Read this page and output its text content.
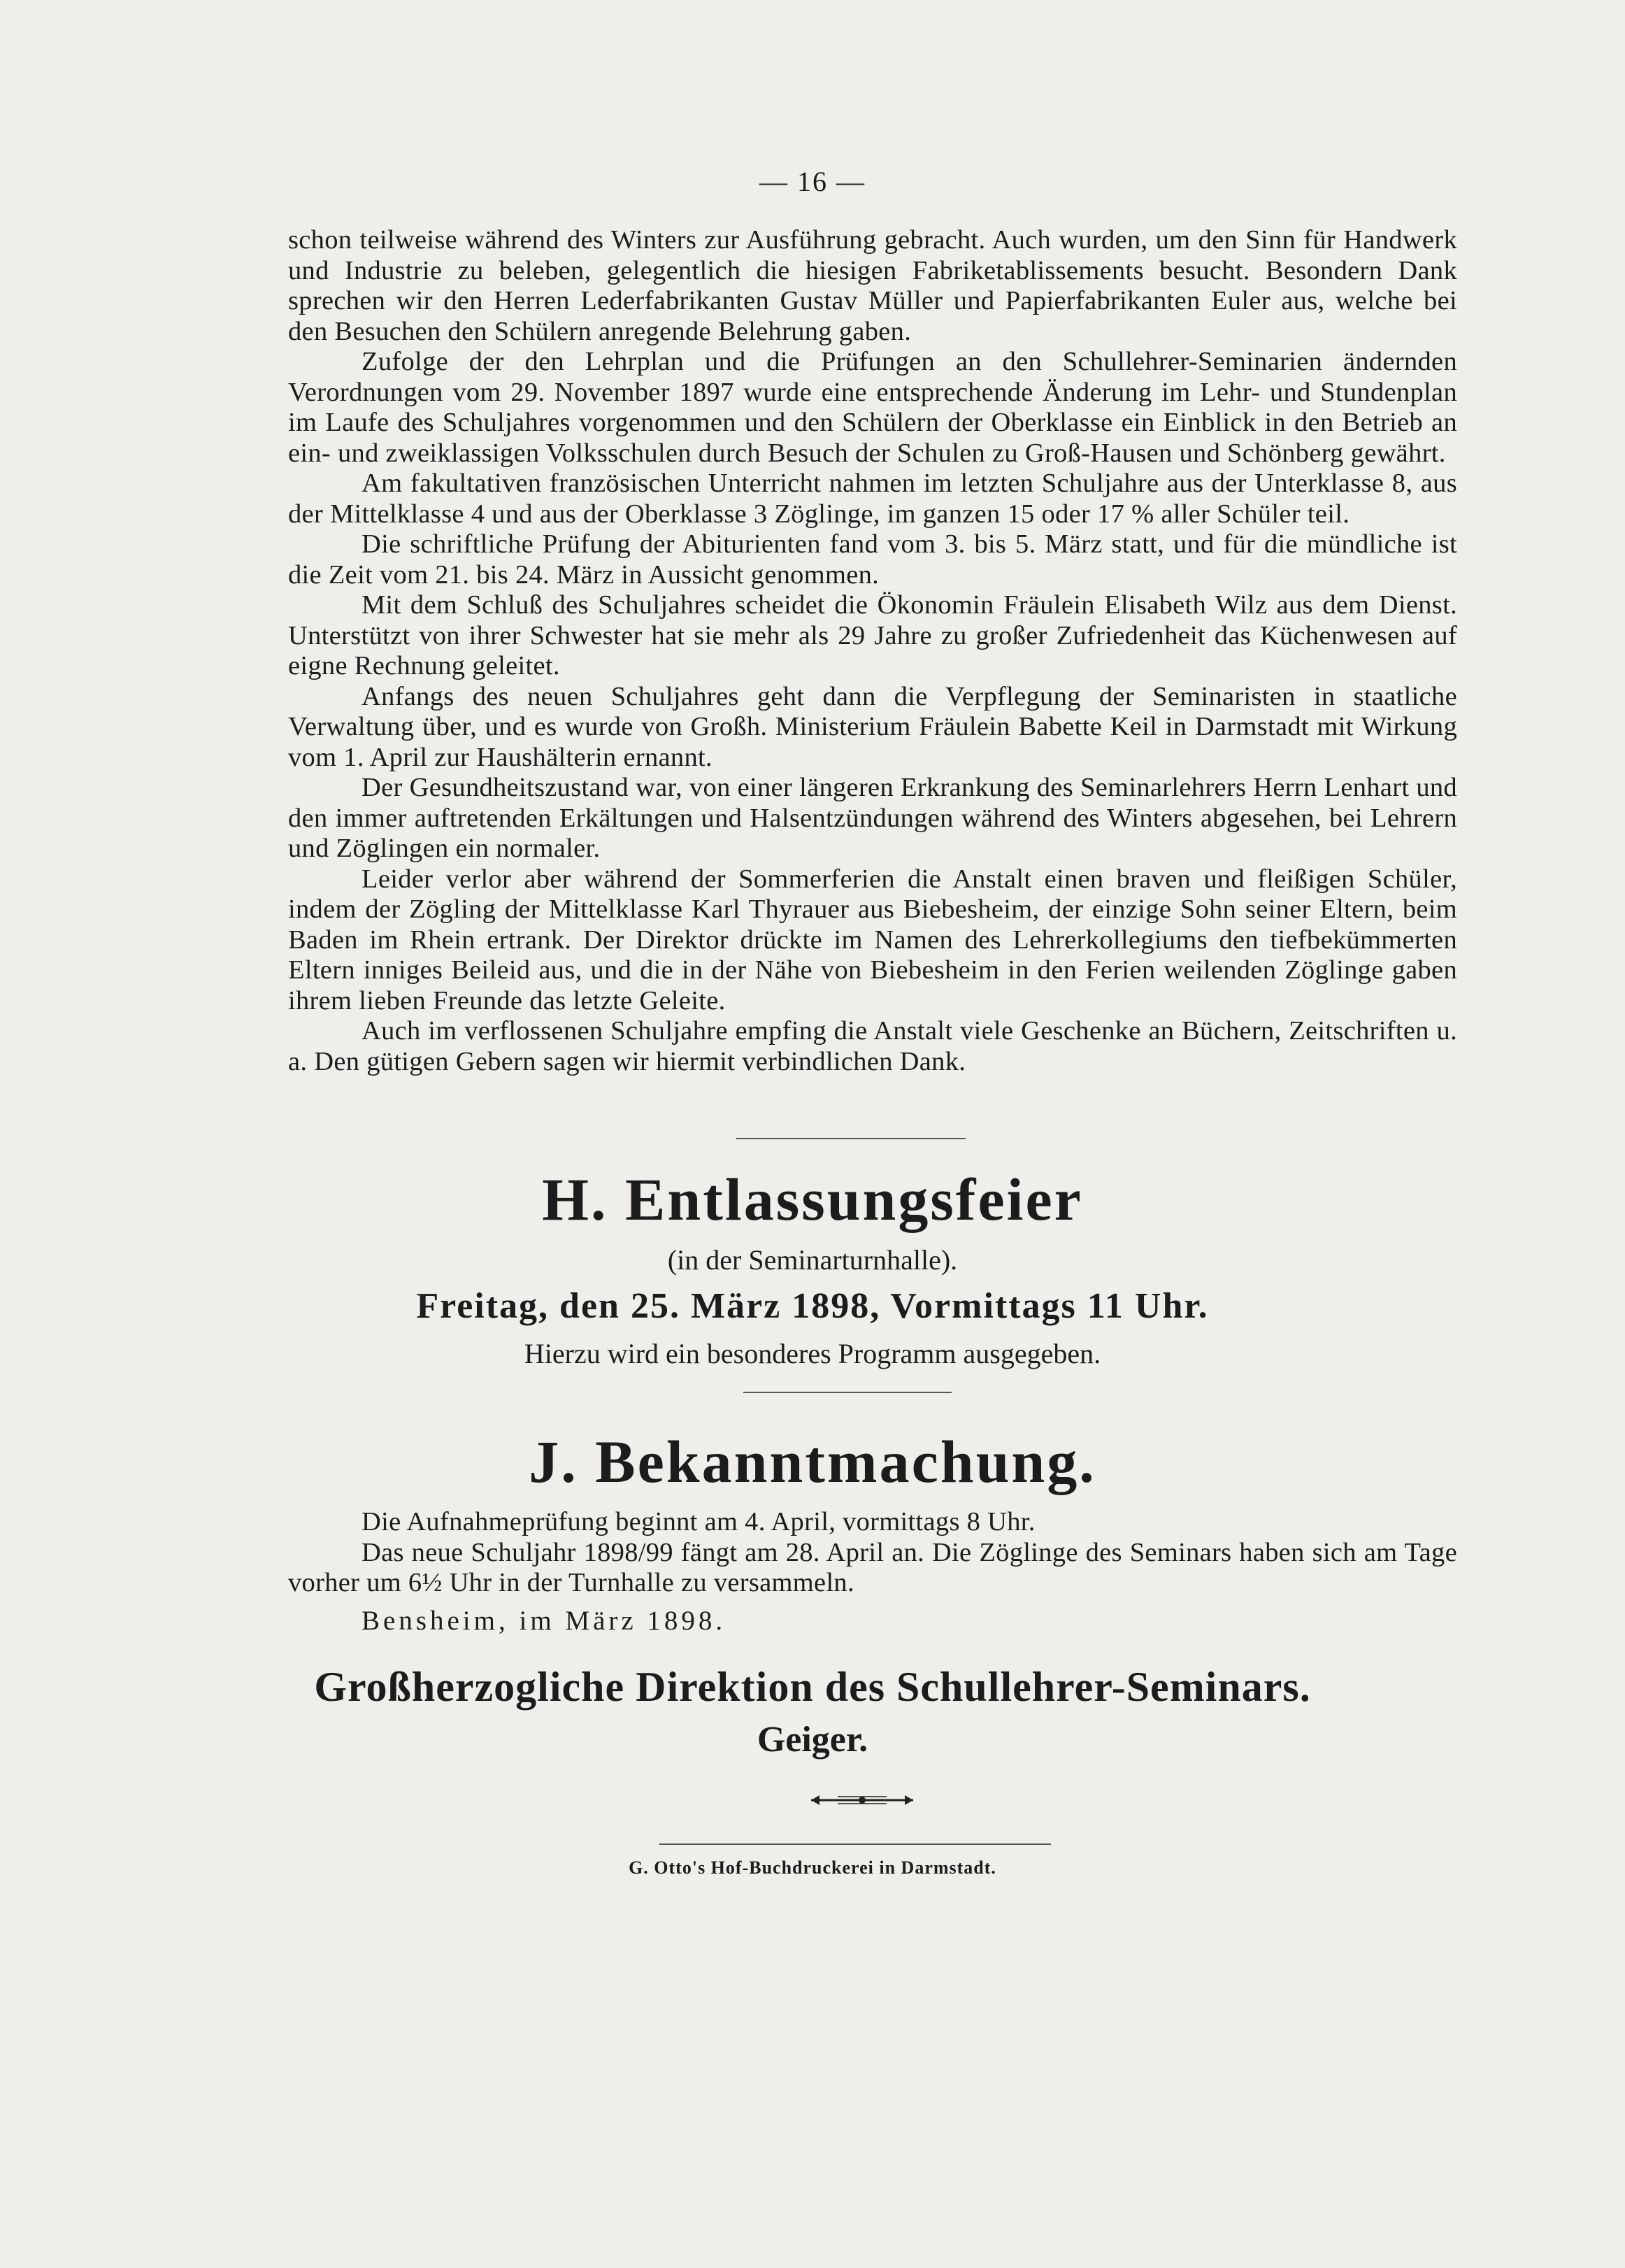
— 16 —

schon teilweise während des Winters zur Ausführung gebracht. Auch wurden, um den Sinn für Handwerk und Industrie zu beleben, gelegentlich die hiesigen Fabriketablissements besucht. Besondern Dank sprechen wir den Herren Lederfabrikanten Gustav Müller und Papierfabrikanten Euler aus, welche bei den Besuchen den Schülern anregende Belehrung gaben.

Zufolge der den Lehrplan und die Prüfungen an den Schullehrer-Seminarien ändernden Verordnungen vom 29. November 1897 wurde eine entsprechende Änderung im Lehr- und Stundenplan im Laufe des Schuljahres vorgenommen und den Schülern der Oberklasse ein Einblick in den Betrieb an ein- und zweiklassigen Volksschulen durch Besuch der Schulen zu Groß-Hausen und Schönberg gewährt.

Am fakultativen französischen Unterricht nahmen im letzten Schuljahre aus der Unterklasse 8, aus der Mittelklasse 4 und aus der Oberklasse 3 Zöglinge, im ganzen 15 oder 17 % aller Schüler teil.

Die schriftliche Prüfung der Abiturienten fand vom 3. bis 5. März statt, und für die mündliche ist die Zeit vom 21. bis 24. März in Aussicht genommen.

Mit dem Schluß des Schuljahres scheidet die Ökonomin Fräulein Elisabeth Wilz aus dem Dienst. Unterstützt von ihrer Schwester hat sie mehr als 29 Jahre zu großer Zufriedenheit das Küchenwesen auf eigne Rechnung geleitet.

Anfangs des neuen Schuljahres geht dann die Verpflegung der Seminaristen in staatliche Verwaltung über, und es wurde von Großh. Ministerium Fräulein Babette Keil in Darmstadt mit Wirkung vom 1. April zur Haushälterin ernannt.

Der Gesundheitszustand war, von einer längeren Erkrankung des Seminarlehrers Herrn Lenhart und den immer auftretenden Erkältungen und Halsentzündungen während des Winters abgesehen, bei Lehrern und Zöglingen ein normaler.

Leider verlor aber während der Sommerferien die Anstalt einen braven und fleißigen Schüler, indem der Zögling der Mittelklasse Karl Thyrauer aus Biebesheim, der einzige Sohn seiner Eltern, beim Baden im Rhein ertrank. Der Direktor drückte im Namen des Lehrerkollegiums den tiefbekümmerten Eltern inniges Beileid aus, und die in der Nähe von Biebesheim in den Ferien weilenden Zöglinge gaben ihrem lieben Freunde das letzte Geleite.

Auch im verflossenen Schuljahre empfing die Anstalt viele Geschenke an Büchern, Zeitschriften u. a. Den gütigen Gebern sagen wir hiermit verbindlichen Dank.

H. Entlassungsfeier
(in der Seminarturnhalle).
Freitag, den 25. März 1898, Vormittags 11 Uhr.
Hierzu wird ein besonderes Programm ausgegeben.
J. Bekanntmachung.

Die Aufnahmeprüfung beginnt am 4. April, vormittags 8 Uhr.

Das neue Schuljahr 1898/99 fängt am 28. April an. Die Zöglinge des Seminars haben sich am Tage vorher um 6½ Uhr in der Turnhalle zu versammeln.

Bensheim, im März 1898.
Großherzogliche Direktion des Schullehrer-Seminars.
Geiger.
G. Otto's Hof-Buchdruckerei in Darmstadt.
